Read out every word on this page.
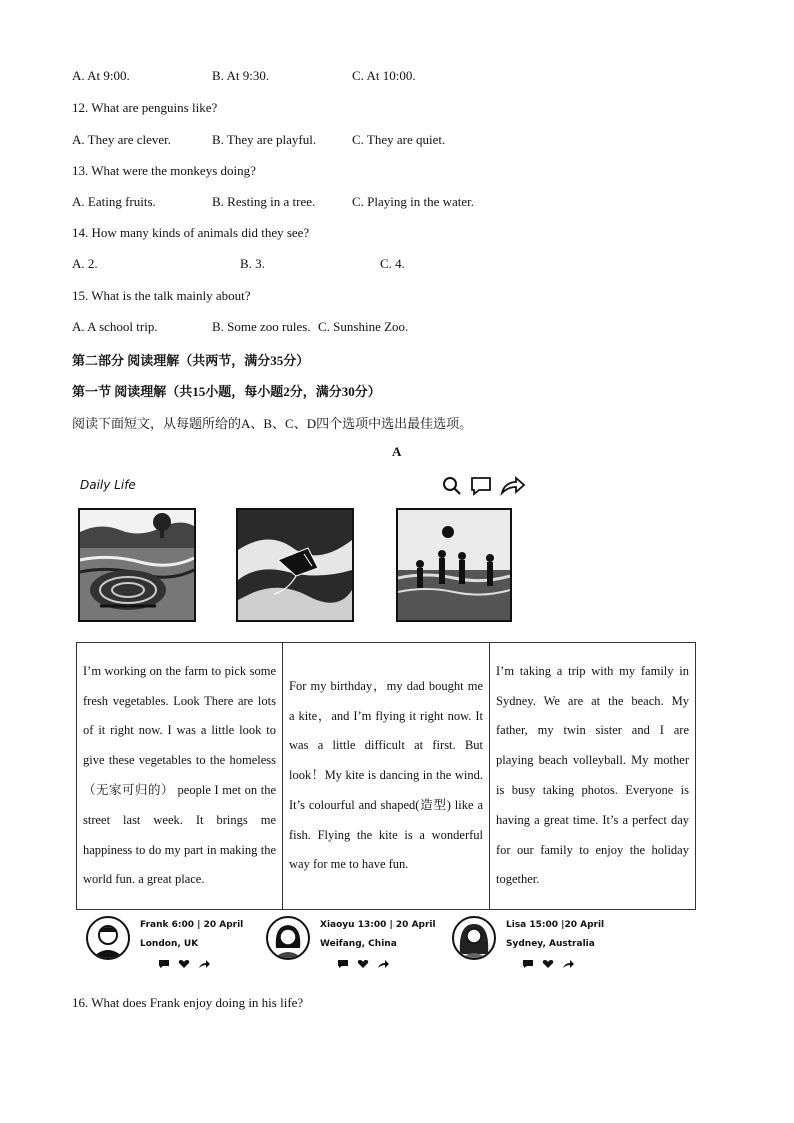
A. At 9:00.	B. At 9:30.	C. At 10:00.
12. What are penguins like?
A. They are clever.	B. They are playful.	C. They are quiet.
13. What were the monkeys doing?
A. Eating fruits.	B. Resting in a tree.	C. Playing in the water.
14. How many kinds of animals did they see?
A. 2.	B. 3.	C. 4.
15. What is the talk mainly about?
A. A school trip.	B. Some zoo rules. C. Sunshine Zoo.
第二部分 阅读理解（共两节，满分35分）
第一节 阅读理解（共15小题，每小题2分，满分30分）
阅读下面短文，从每题所给的A、B、C、D四个选项中选出最佳选项。
A
Daily Life

I’m working on the farm to pick some fresh vegetables. Look There are lots of it right now. I was a little look to give these vegetables to the homeless （无家可归的） people I met on the street last week. It brings me happiness to do my part in making the world fun. a great place.

For my birthday，my dad bought me a kite，and I’m flying it right now. It was a little difficult at first. But look！My kite is dancing in the wind. It’s colourful and shaped(造型) like a fish. Flying the kite is a wonderful way for me to have fun.

I’m taking a trip with my family in Sydney. We are at the beach. My father, my twin sister and I are playing beach volleyball. My mother is busy taking photos. Everyone is having a great time. It’s a perfect day for our family to enjoy the holiday together.

Frank 6:00 | 20 April
London, UK
Xiaoyu 13:00 | 20 April
Weifang, China
Lisa 15:00 |20 April
Sydney, Australia
16. What does Frank enjoy doing in his life?
